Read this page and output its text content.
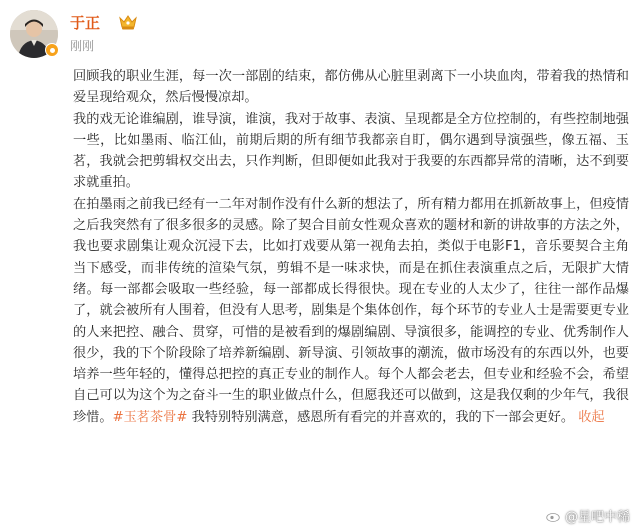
于正
刚刚

回顾我的职业生涯，每一次一部剧的结束，都仿佛从心脏里剥离下一小块血肉，带着我的热情和爱呈现给观众，然后慢慢凉却。

我的戏无论谁编剧，谁导演，谁演，我对于故事、表演、呈现都是全方位控制的，有些控制地强一些，比如墨雨、临江仙，前期后期的所有细节我都亲自盯，偶尔遇到导演强些，像五福、玉茗，我就会把剪辑权交出去，只作判断，但即便如此我对于我要的东西都异常的清晰，达不到要求就重拍。

在拍墨雨之前我已经有一二年对制作没有什么新的想法了，所有精力都用在抓新故事上，但疫情之后我突然有了很多很多的灵感。除了契合目前女性观众喜欢的题材和新的讲故事的方法之外，我也要求剧集让观众沉浸下去，比如打戏要从第一视角去拍，类似于电影F1，音乐要契合主角当下感受，而非传统的渲染气氛，剪辑不是一味求快，而是在抓住表演重点之后，无限扩大情绪。每一部都会吸取一些经验，每一部都成长得很快。现在专业的人太少了，往往一部作品爆了，就会被所有人围着，但没有人思考，剧集是个集体创作，每个环节的专业人士是需要更专业的人来把控、融合、贯穿，可惜的是被看到的爆剧编剧、导演很多，能调控的专业、优秀制作人很少，我的下个阶段除了培养新编剧、新导演、引领故事的潮流，做市场没有的东西以外，也要培养一些年轻的，懂得总把控的真正专业的制作人。每个人都会老去，但专业和经验不会，希望自己可以为这个为之奋斗一生的职业做点什么，但愿我还可以做到，这是我仅剩的少年气，我很珍惜。#玉茗茶骨# 我特别特别满意，感恩所有看完的并喜欢的，我的下一部会更好。 收起

@星吧中稀
